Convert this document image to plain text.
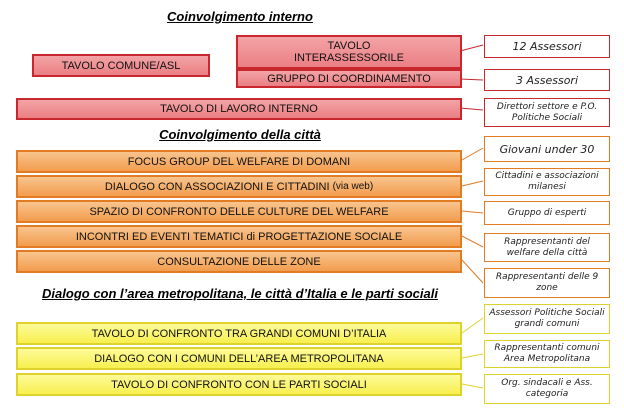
Coinvolgimento interno
TAVOLO COMUNE/ASL
TAVOLO INTERASSESSORILE
GRUPPO DI COORDINAMENTO
TAVOLO DI LAVORO INTERNO
12 Assessori
3 Assessori
Direttori settore e P.O. Politiche Sociali
Coinvolgimento della città
FOCUS GROUP DEL WELFARE DI DOMANI
DIALOGO CON ASSOCIAZIONI E CITTADINI
(via web)
SPAZIO DI CONFRONTO DELLE CULTURE DEL WELFARE
INCONTRI ED EVENTI TEMATICI di PROGETTAZIONE SOCIALE
CONSULTAZIONE DELLE ZONE
Giovani under 30
Cittadini e associazioni milanesi
Gruppo di esperti
Rappresentanti del welfare della città
Rappresentanti delle 9 zone
Dialogo con l’area metropolitana, le città d’Italia e le parti sociali
TAVOLO DI CONFRONTO TRA GRANDI COMUNI D’ITALIA
DIALOGO CON I COMUNI DELL’AREA METROPOLITANA
TAVOLO DI CONFRONTO CON LE PARTI SOCIALI
Assessori Politiche Sociali grandi comuni
Rappresentanti comuni Area Metropolitana
Org. sindacali e Ass. categoria
